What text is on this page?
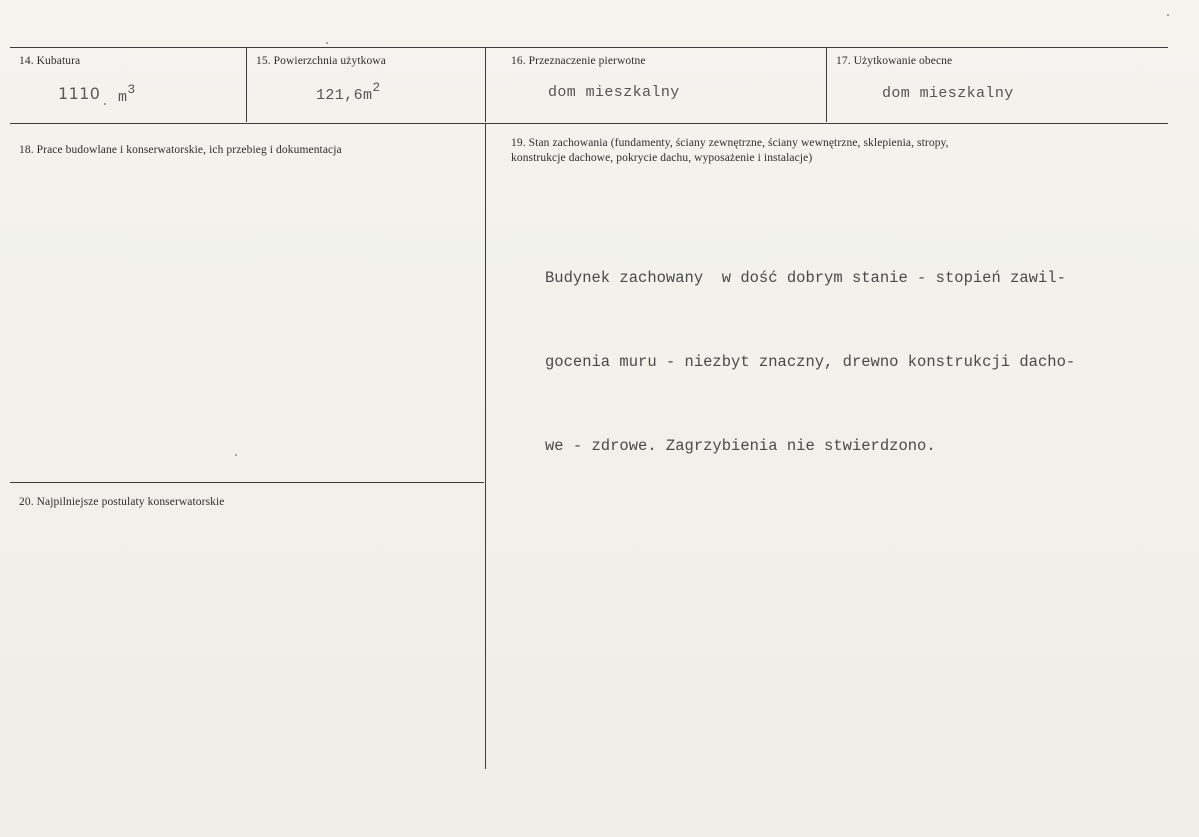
14. Kubatura
1110 $m^3$
15. Powierzchnia użytkowa
$121,6m^2$
16. Przeznaczenie pierwotne
dom mieszkalny
17. Użytkowanie obecne
dom mieszkalny
18. Prace budowlane i konserwatorskie, ich przebieg i dokumentacja
19. Stan zachowania (fundamenty, ściany zewnętrzne, ściany wewnętrzne, sklepienia, stropy,
konstrukcje dachowe, pokrycie dachu, wyposażenie i instalacje)

Budynek zachowany  w dość dobrym stanie - stopień zawil-

gocenia muru - niezbyt znaczny, drewno konstrukcji dacho-

we - zdrowe. Zagrzybienia nie stwierdzono.

20. Najpilniejsze postulaty konserwatorskie
